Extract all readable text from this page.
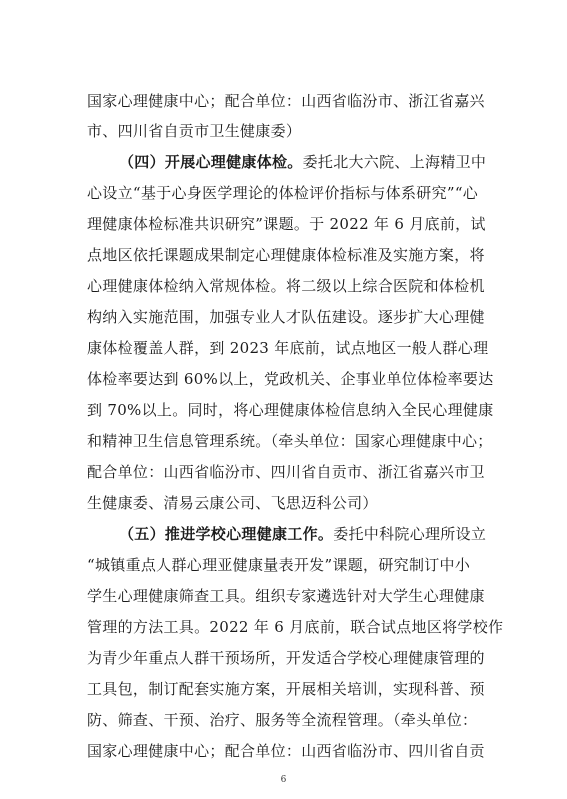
国家心理健康中心；配合单位：山西省临汾市、浙江省嘉兴
市、四川省自贡市卫生健康委）
（四）开展心理健康体检。委托北大六院、上海精卫中
心设立“基于心身医学理论的体检评价指标与体系研究”“心
理健康体检标准共识研究”课题。于 2022 年 6 月底前，试
点地区依托课题成果制定心理健康体检标准及实施方案，将
心理健康体检纳入常规体检。将二级以上综合医院和体检机
构纳入实施范围，加强专业人才队伍建设。逐步扩大心理健
康体检覆盖人群，到 2023 年底前，试点地区一般人群心理
体检率要达到 60%以上，党政机关、企事业单位体检率要达
到 70%以上。同时，将心理健康体检信息纳入全民心理健康
和精神卫生信息管理系统。（牵头单位：国家心理健康中心；
配合单位：山西省临汾市、四川省自贡市、浙江省嘉兴市卫
生健康委、清易云康公司、飞思迈科公司）
（五）推进学校心理健康工作。委托中科院心理所设立
“城镇重点人群心理亚健康量表开发”课题，研究制订中小
学生心理健康筛查工具。组织专家遴选针对大学生心理健康
管理的方法工具。2022 年 6 月底前，联合试点地区将学校作
为青少年重点人群干预场所，开发适合学校心理健康管理的
工具包，制订配套实施方案，开展相关培训，实现科普、预
防、筛查、干预、治疗、服务等全流程管理。（牵头单位：
国家心理健康中心；配合单位：山西省临汾市、四川省自贡
6
